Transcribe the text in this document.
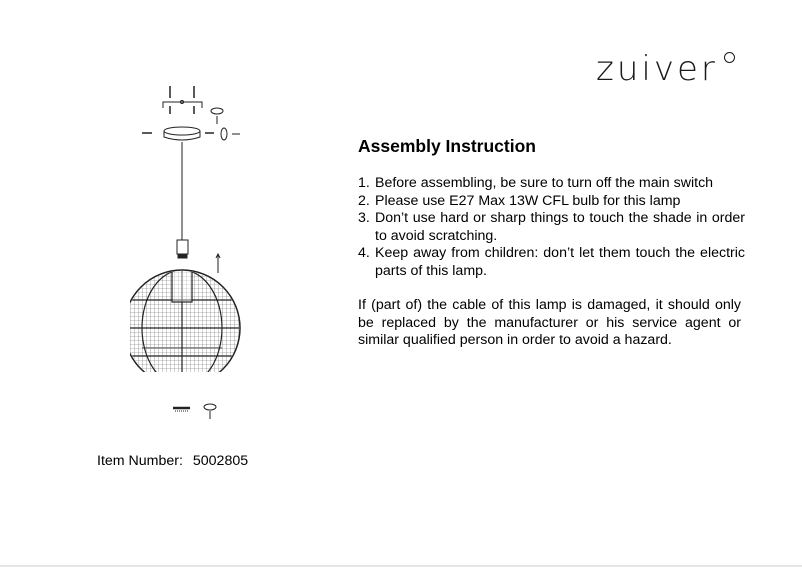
zuiver
Assembly Instruction
1. Before assembling, be sure to turn off the main switch
2. Please use E27 Max 13W CFL bulb for this lamp
3. Don’t use hard or sharp things to touch the shade in order to avoid scratching.
4. Keep away from children: don’t let them touch the electric parts of this lamp.
If (part of) the cable of this lamp is damaged, it should only be replaced by the manufacturer or his service agent or similar qualified person in order to avoid a hazard.
Item Number: 5002805
